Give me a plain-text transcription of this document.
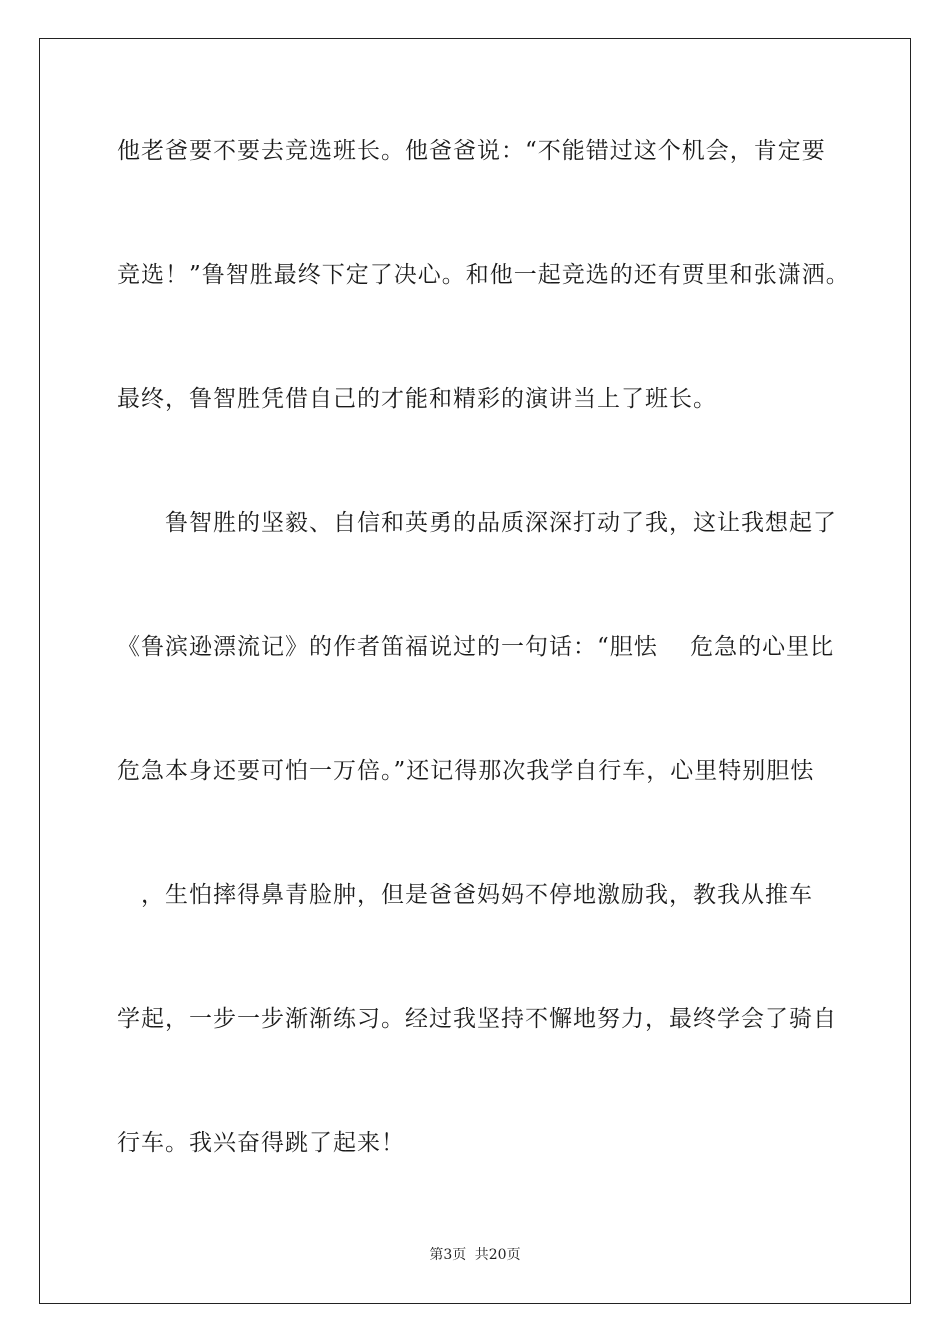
他老爸要不要去竞选班长。他爸爸说：“不能错过这个机会，肯定要
竞选！”鲁智胜最终下定了决心。和他一起竞选的还有贾里和张潇洒。
最终，鲁智胜凭借自己的才能和精彩的演讲当上了班长。
　　鲁智胜的坚毅、自信和英勇的品质深深打动了我，这让我想起了
《鲁滨逊漂流记》的作者笛福说过的一句话：“胆怯　 危急的心里比
危急本身还要可怕一万倍。”还记得那次我学自行车，心里特别胆怯
　，生怕摔得鼻青脸肿，但是爸爸妈妈不停地激励我，教我从推车
学起，一步一步渐渐练习。经过我坚持不懈地努力，最终学会了骑自
行车。我兴奋得跳了起来！
第3页 共20页
